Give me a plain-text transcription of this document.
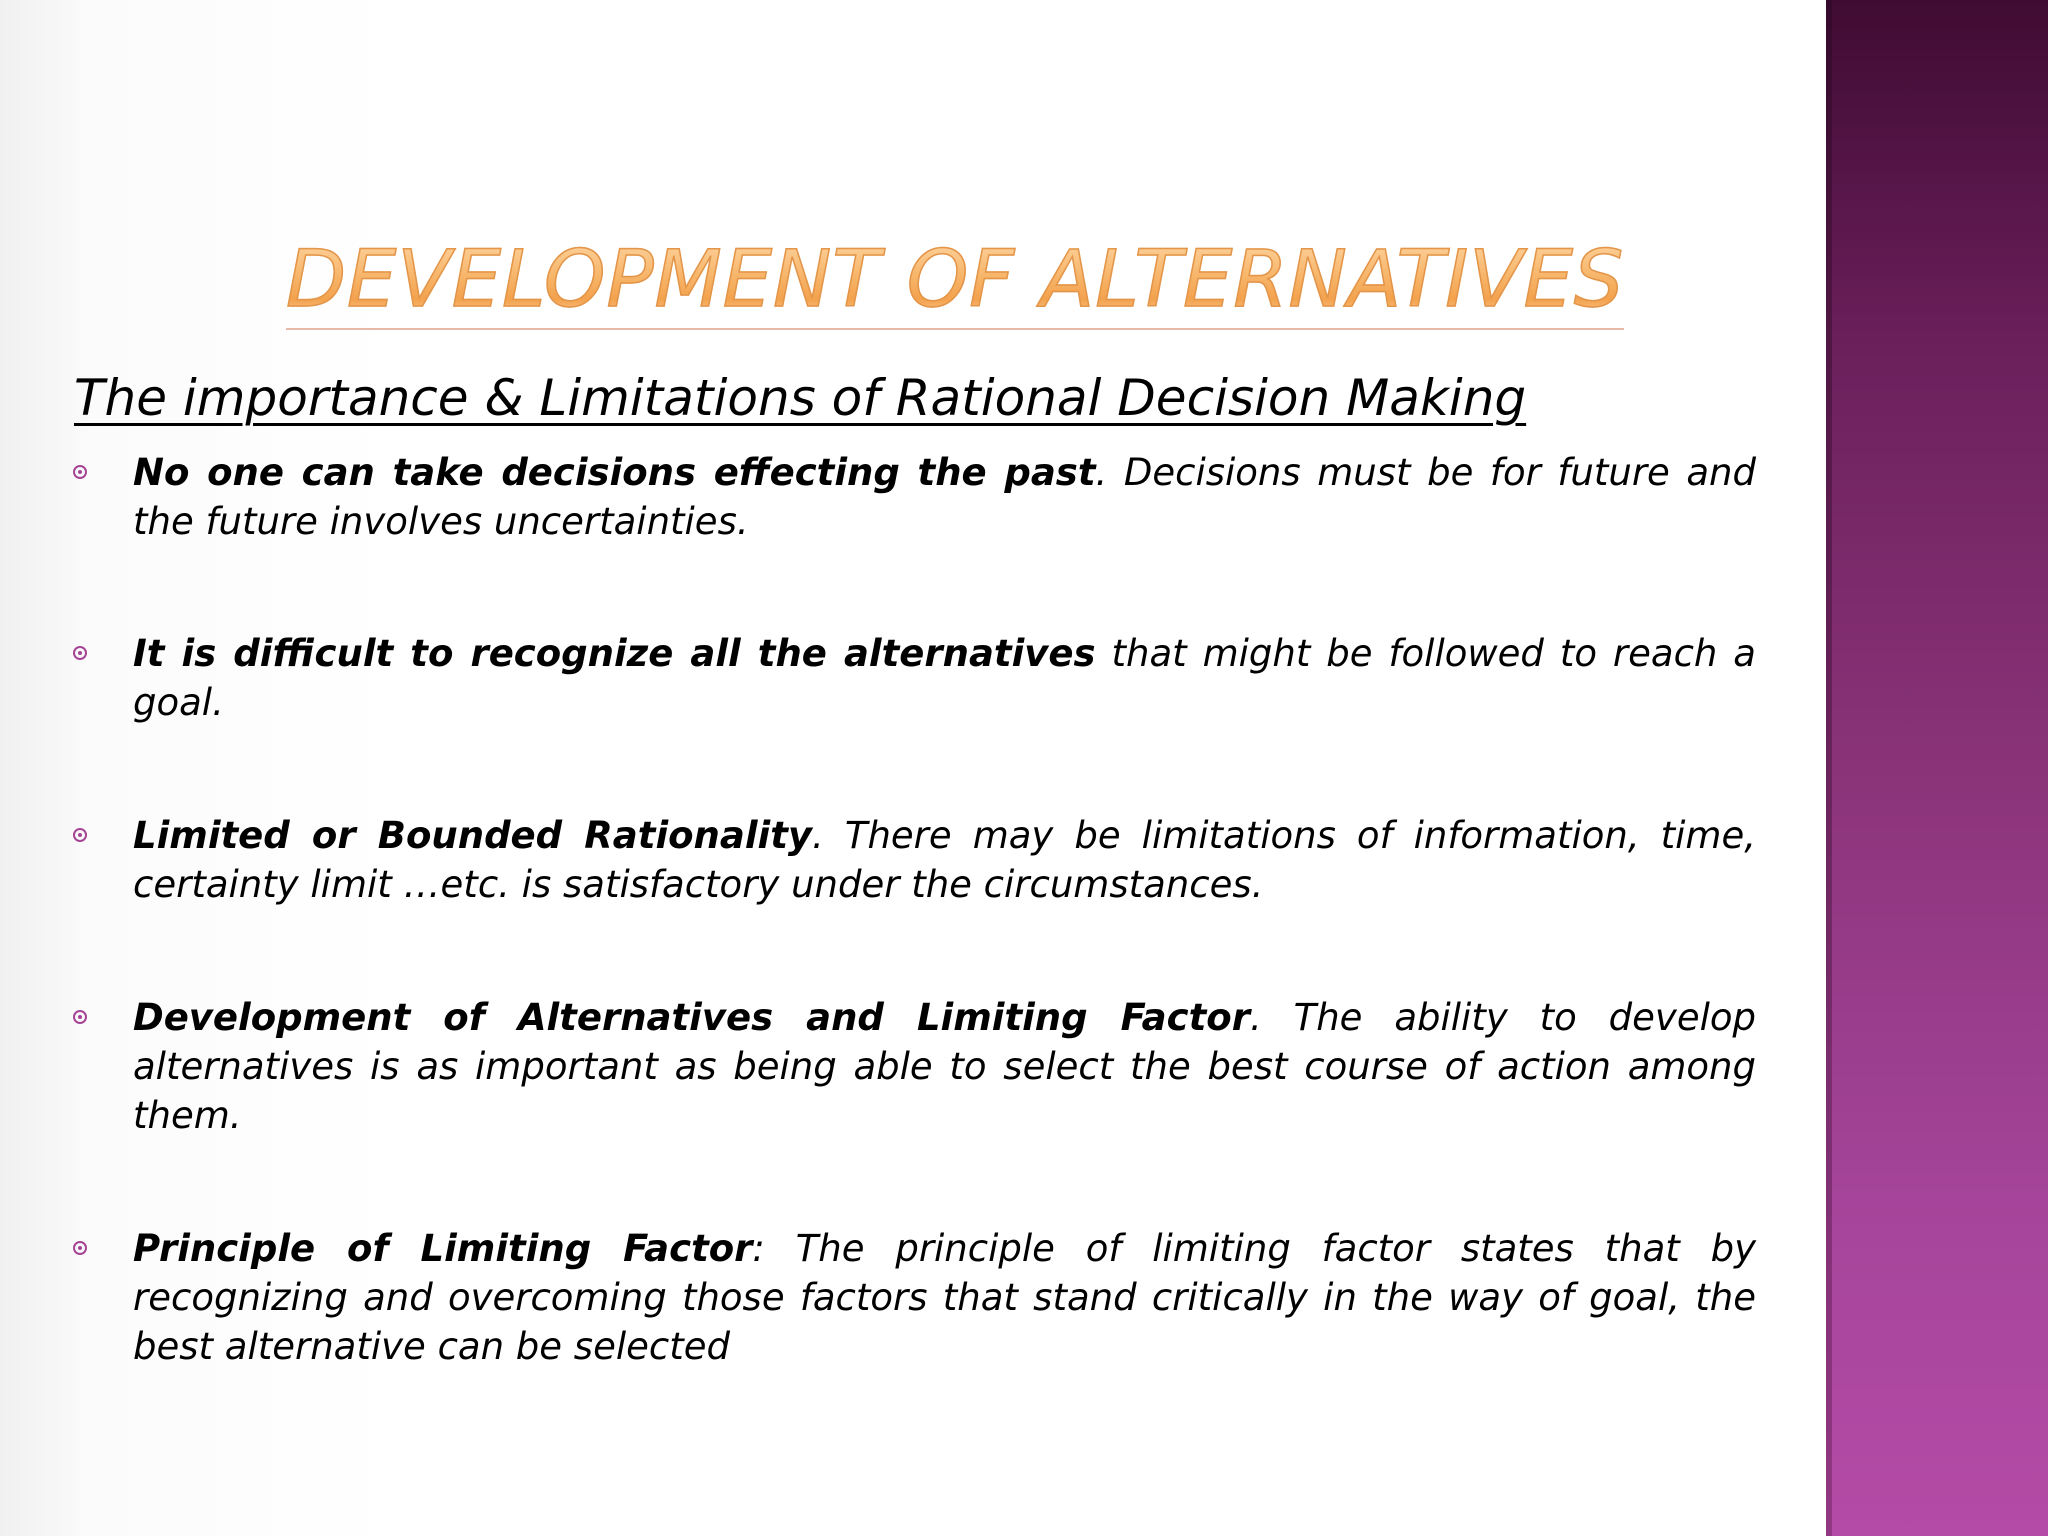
DEVELOPMENT OF ALTERNATIVES
The importance & Limitations of Rational Decision Making

No one can take decisions effecting the past. Decisions must be for future and the future involves uncertainties.

It is difficult to recognize all the alternatives that might be followed to reach a goal.

Limited or Bounded Rationality. There may be limitations of information, time, certainty limit …etc. is satisfactory under the circumstances.

Development of Alternatives and Limiting Factor. The ability to develop alternatives is as important as being able to select the best course of action among them.

Principle of Limiting Factor: The principle of limiting factor states that by recognizing and overcoming those factors that stand critically in the way of goal, the best alternative can be selected
